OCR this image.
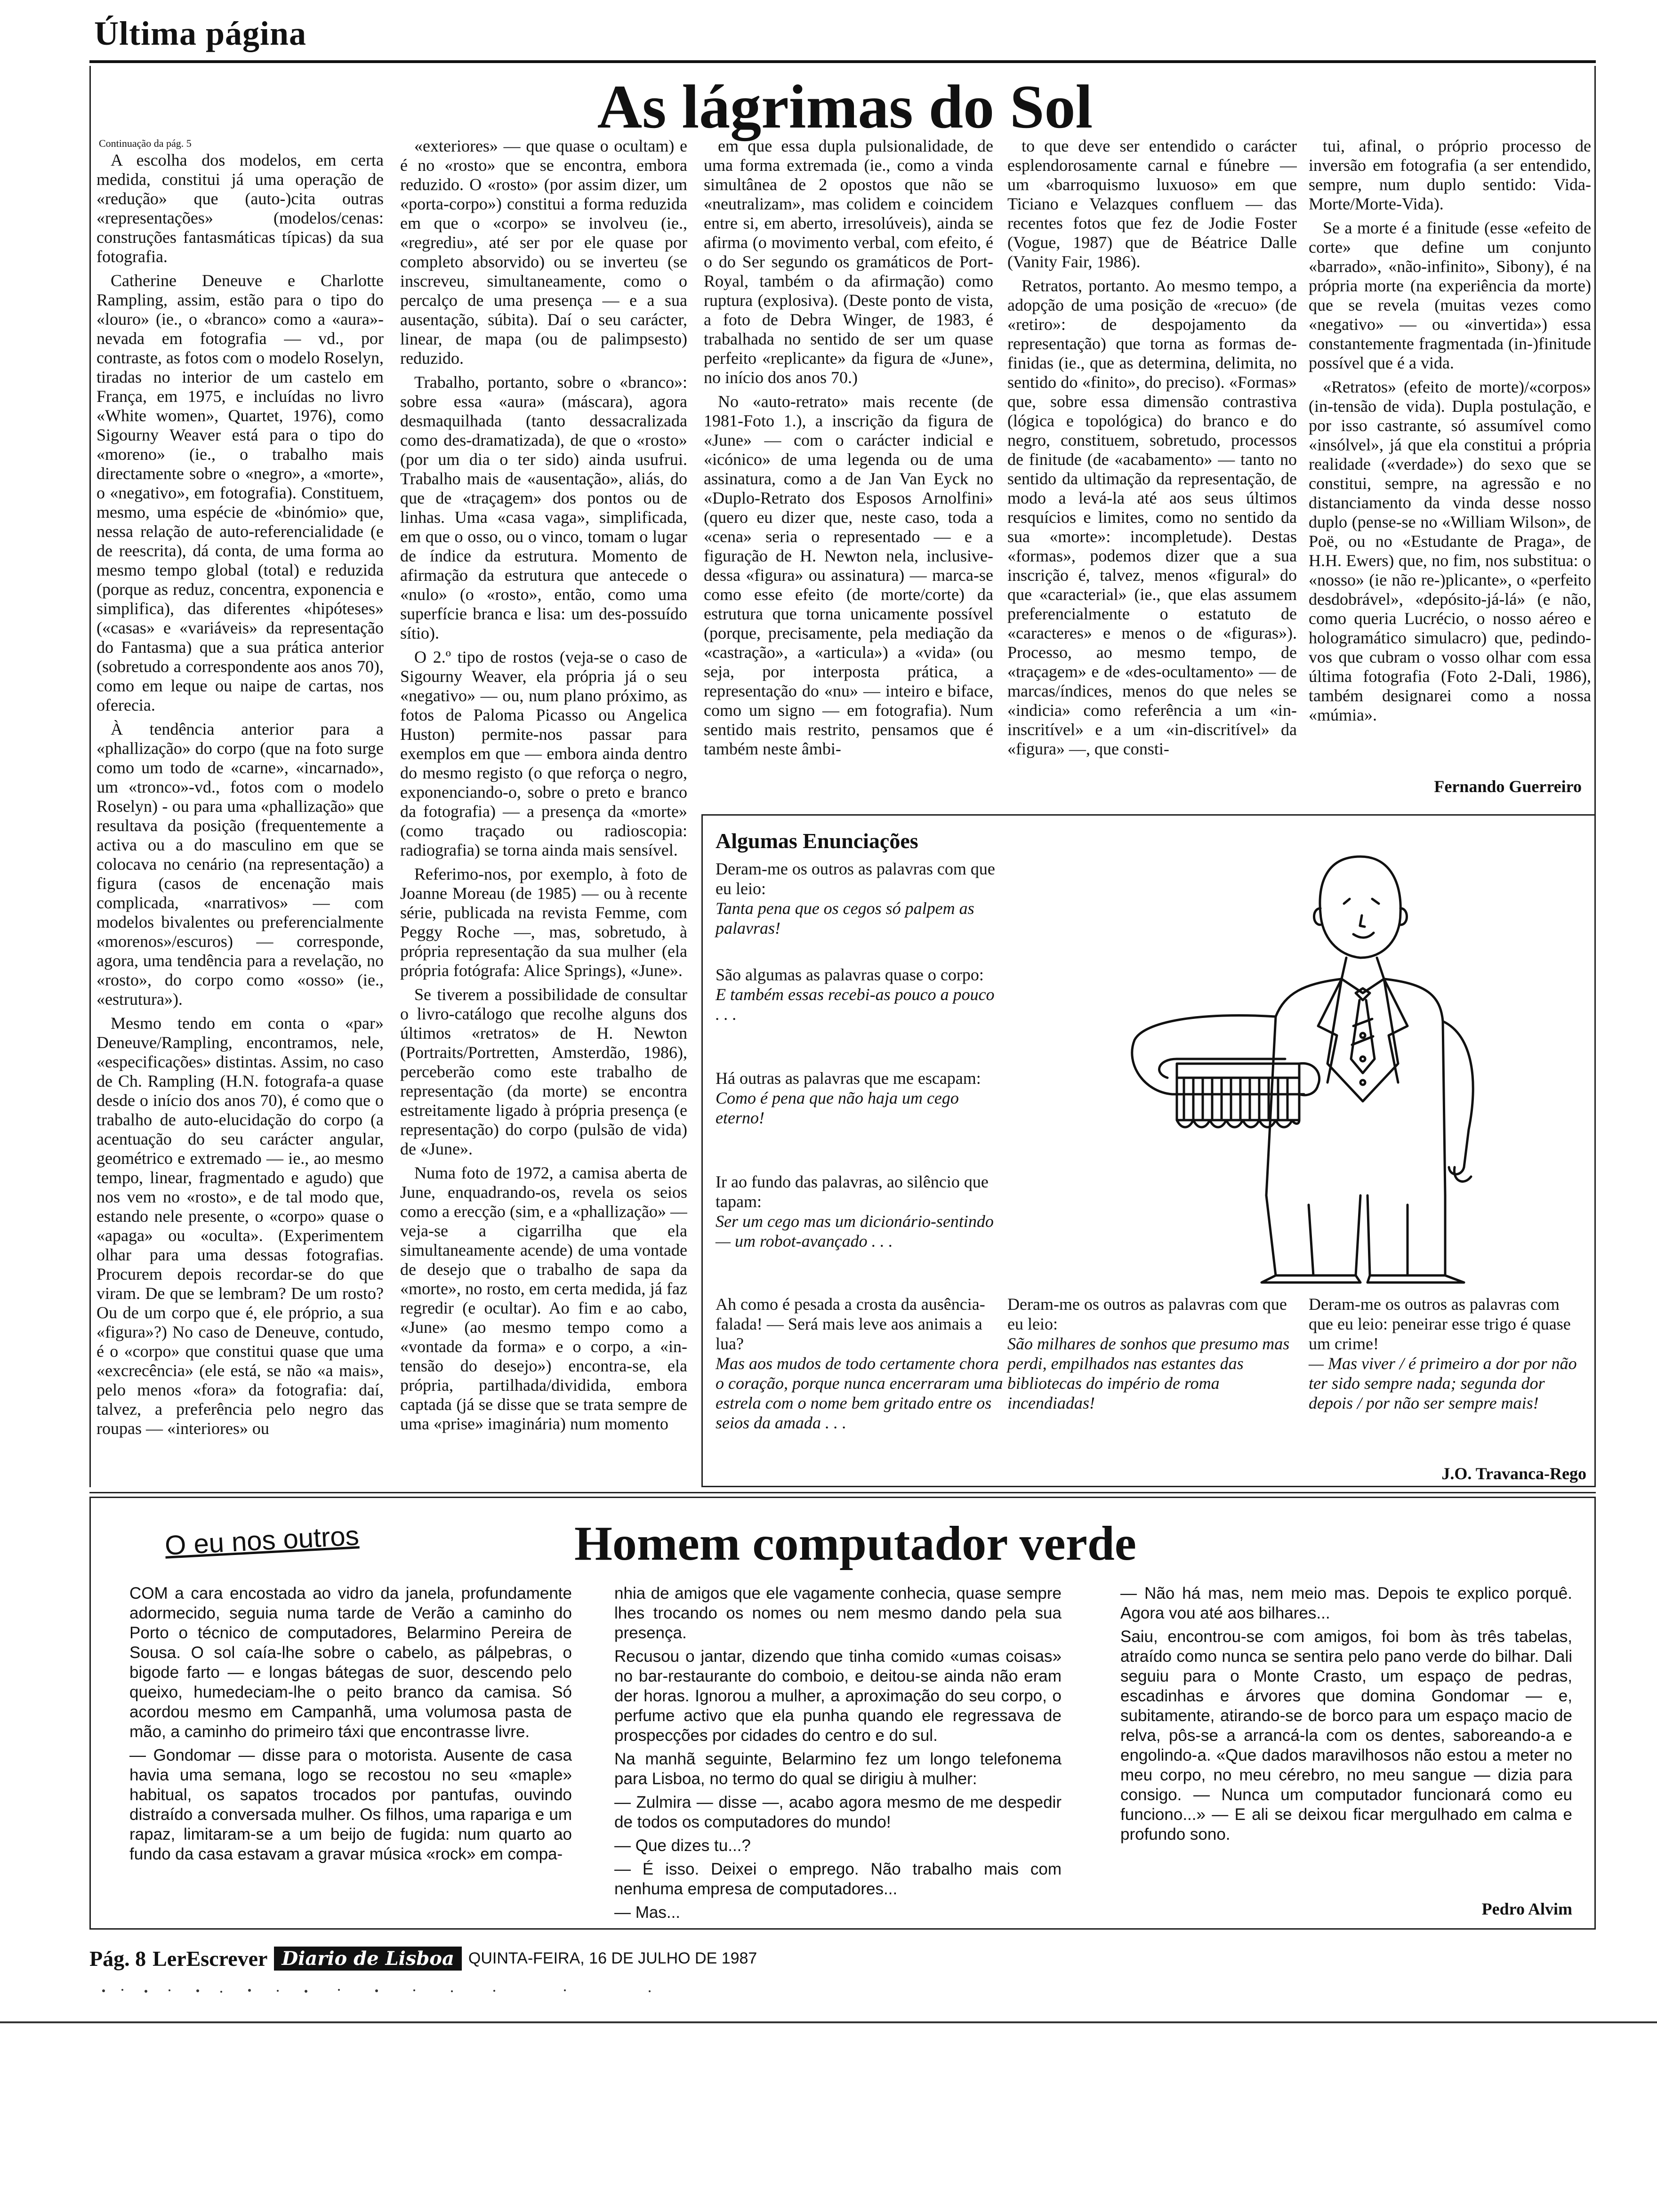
Última página
As lágrimas do Sol
Continuação da pág. 5

A escolha dos modelos, em certa medida, constitui já uma operação de «redução» que (auto-)cita outras «representações» (modelos/cenas: construções fantasmáticas típicas) da sua fotografia.

Catherine Deneuve e Charlotte Rampling, assim, estão para o tipo do «louro» (ie., o «branco» como a «aura»-nevada em fotografia — vd., por contraste, as fotos com o modelo Roselyn, tiradas no interior de um castelo em França, em 1975, e incluídas no livro «White women», Quartet, 1976), como Sigourny Weaver está para o tipo do «moreno» (ie., o trabalho mais directamente sobre o «negro», a «morte», o «negativo», em fotografia). Constituem, mesmo, uma espécie de «binómio» que, nessa relação de auto-referencialidade (e de reescrita), dá conta, de uma forma ao mesmo tempo global (total) e reduzida (porque as reduz, concentra, exponencia e simplifica), das diferentes «hipóteses» («casas» e «variáveis» da representação do Fantasma) que a sua prática anterior (sobretudo a correspondente aos anos 70), como em leque ou naipe de cartas, nos oferecia.

À tendência anterior para a «phallização» do corpo (que na foto surge como um todo de «carne», «incarnado», um «tronco»-vd., fotos com o modelo Roselyn) - ou para uma «phallização» que resultava da posição (frequentemente a activa ou a do masculino em que se colocava no cenário (na representação) a figura (casos de encenação mais complicada, «narrativos» — com modelos bivalentes ou preferencialmente «morenos»/escuros) — corresponde, agora, uma tendência para a revelação, no «rosto», do corpo como «osso» (ie., «estrutura»).

Mesmo tendo em conta o «par» Deneuve/Rampling, encontramos, nele, «especificações» distintas. Assim, no caso de Ch. Rampling (H.N. fotografa-a quase desde o início dos anos 70), é como que o trabalho de auto-elucidação do corpo (a acentuação do seu carácter angular, geométrico e extremado — ie., ao mesmo tempo, linear, fragmentado e agudo) que nos vem no «rosto», e de tal modo que, estando nele presente, o «corpo» quase o «apaga» ou «oculta». (Experimentem olhar para uma dessas fotografias. Procurem depois recordar-se do que viram. De que se lembram? De um rosto? Ou de um corpo que é, ele próprio, a sua «figura»?) No caso de Deneuve, contudo, é o «corpo» que constitui quase que uma «excrecência» (ele está, se não «a mais», pelo menos «fora» da fotografia: daí, talvez, a preferência pelo negro das roupas — «interiores» ou

«exteriores» — que quase o ocultam) e é no «rosto» que se encontra, embora reduzido. O «rosto» (por assim dizer, um «porta-corpo») constitui a forma reduzida em que o «corpo» se involveu (ie., «regrediu», até ser por ele quase por completo absorvido) ou se inverteu (se inscreveu, simultaneamente, como o percalço de uma presença — e a sua ausentação, súbita). Daí o seu carácter, linear, de mapa (ou de palimpsesto) reduzido.

Trabalho, portanto, sobre o «branco»: sobre essa «aura» (máscara), agora desmaquilhada (tanto dessacralizada como des-dramatizada), de que o «rosto» (por um dia o ter sido) ainda usufrui. Trabalho mais de «ausentação», aliás, do que de «traçagem» dos pontos ou de linhas. Uma «casa vaga», simplificada, em que o osso, ou o vinco, tomam o lugar de índice da estrutura. Momento de afirmação da estrutura que antecede o «nulo» (o «rosto», então, como uma superfície branca e lisa: um des-possuído sítio).

O 2.º tipo de rostos (veja-se o caso de Sigourny Weaver, ela própria já o seu «negativo» — ou, num plano próximo, as fotos de Paloma Picasso ou Angelica Huston) permite-nos passar para exemplos em que — embora ainda dentro do mesmo registo (o que reforça o negro, exponenciando-o, sobre o preto e branco da fotografia) — a presença da «morte» (como traçado ou radioscopia: radiografia) se torna ainda mais sensível.

Referimo-nos, por exemplo, à foto de Joanne Moreau (de 1985) — ou à recente série, publicada na revista Femme, com Peggy Roche —, mas, sobretudo, à própria representação da sua mulher (ela própria fotógrafa: Alice Springs), «June».

Se tiverem a possibilidade de consultar o livro-catálogo que recolhe alguns dos últimos «retratos» de H. Newton (Portraits/Portretten, Amsterdão, 1986), perceberão como este trabalho de representação (da morte) se encontra estreitamente ligado à própria presença (e representação) do corpo (pulsão de vida) de «June».

Numa foto de 1972, a camisa aberta de June, enquadrando-os, revela os seios como a erecção (sim, e a «phallização» — veja-se a cigarrilha que ela simultaneamente acende) de uma vontade de desejo que o trabalho de sapa da «morte», no rosto, em certa medida, já faz regredir (e ocultar). Ao fim e ao cabo, «June» (ao mesmo tempo como a «vontade da forma» e o corpo, a «in-tensão do desejo») encontra-se, ela própria, partilhada/dividida, embora captada (já se disse que se trata sempre de uma «prise» imaginária) num momento

em que essa dupla pulsionalidade, de uma forma extremada (ie., como a vinda simultânea de 2 opostos que não se «neutralizam», mas colidem e coincidem entre si, em aberto, irresolúveis), ainda se afirma (o movimento verbal, com efeito, é o do Ser segundo os gramáticos de Port-Royal, também o da afirmação) como ruptura (explosiva). (Deste ponto de vista, a foto de Debra Winger, de 1983, é trabalhada no sentido de ser um quase perfeito «replicante» da figura de «June», no início dos anos 70.)

No «auto-retrato» mais recente (de 1981-Foto 1.), a inscrição da figura de «June» — com o carácter indicial e «icónico» de uma legenda ou de uma assinatura, como a de Jan Van Eyck no «Duplo-Retrato dos Esposos Arnolfini» (quero eu dizer que, neste caso, toda a «cena» seria o representado — e a figuração de H. Newton nela, inclusive-dessa «figura» ou assinatura) — marca-se como esse efeito (de morte/corte) da estrutura que torna unicamente possível (porque, precisamente, pela mediação da «castração», a «articula») a «vida» (ou seja, por interposta prática, a representação do «nu» — inteiro e biface, como um signo — em fotografia). Num sentido mais restrito, pensamos que é também neste âmbi-

to que deve ser entendido o carácter esplendorosamente carnal e fúnebre — um «barroquismo luxuoso» em que Ticiano e Velazques confluem — das recentes fotos que fez de Jodie Foster (Vogue, 1987) que de Béatrice Dalle (Vanity Fair, 1986).

Retratos, portanto. Ao mesmo tempo, a adopção de uma posição de «recuo» (de «retiro»: de despojamento da representação) que torna as formas de-finidas (ie., que as determina, delimita, no sentido do «finito», do preciso). «Formas» que, sobre essa dimensão contrastiva (lógica e topológica) do branco e do negro, constituem, sobretudo, processos de finitude (de «acabamento» — tanto no sentido da ultimação da representação, de modo a levá-la até aos seus últimos resquícios e limites, como no sentido da sua «morte»: incompletude). Destas «formas», podemos dizer que a sua inscrição é, talvez, menos «figural» do que «caracterial» (ie., que elas assumem preferencialmente o estatuto de «caracteres» e menos o de «figuras»). Processo, ao mesmo tempo, de «traçagem» e de «des-ocultamento» — de marcas/índices, menos do que neles se «indicia» como referência a um «in-inscritível» e a um «in-discritível» da «figura» —, que consti-

tui, afinal, o próprio processo de inversão em fotografia (a ser entendido, sempre, num duplo sentido: Vida-Morte/Morte-Vida).

Se a morte é a finitude (esse «efeito de corte» que define um conjunto «barrado», «não-infinito», Sibony), é na própria morte (na experiência da morte) que se revela (muitas vezes como «negativo» — ou «invertida») essa constantemente fragmentada (in-)finitude possível que é a vida.

«Retratos» (efeito de morte)/«corpos» (in-tensão de vida). Dupla postulação, e por isso castrante, só assumível como «insólvel», já que ela constitui a própria realidade («verdade») do sexo que se constitui, sempre, na agressão e no distanciamento da vinda desse nosso duplo (pense-se no «William Wilson», de Poë, ou no «Estudante de Praga», de H.H. Ewers) que, no fim, nos substitua: o «nosso» (ie não re-)plicante», o «perfeito desdobrável», «depósito-já-lá» (e não, como queria Lucrécio, o nosso aéreo e hologramático simulacro) que, pedindo-vos que cubram o vosso olhar com essa última fotografia (Foto 2-Dali, 1986), também designarei como a nossa «múmia».

Fernando Guerreiro
Algumas Enunciações
Deram-me os outros as palavras com que eu leio:
Tanta pena que os cegos só palpem as palavras!
São algumas as palavras quase o corpo:
E também essas recebi-as pouco a pouco . . .
Há outras as palavras que me escapam:
Como é pena que não haja um cego eterno!
Ir ao fundo das palavras, ao silêncio que tapam:
Ser um cego mas um dicionário-sentindo — um robot-avançado . . .
Ah como é pesada a crosta da ausência-falada! — Será mais leve aos animais a lua?
Mas aos mudos de todo certamente chora o coração, porque nunca encerraram uma estrela com o nome bem gritado entre os seios da amada . . .
Deram-me os outros as palavras com que eu leio:
São milhares de sonhos que presumo mas perdi, empilhados nas estantes das bibliotecas do império de roma incendiadas!
Deram-me os outros as palavras com que eu leio: peneirar esse trigo é quase um crime!
— Mas viver / é primeiro a dor por não ter sido sempre nada; segunda dor depois / por não ser sempre mais!
J.O. Travanca-Rego
O eu nos outros	Homem computador verde

COM a cara encostada ao vidro da janela, profundamente adormecido, seguia numa tarde de Verão a caminho do Porto o técnico de computadores, Belarmino Pereira de Sousa. O sol caía-lhe sobre o cabelo, as pálpebras, o bigode farto — e longas bátegas de suor, descendo pelo queixo, humedeciam-lhe o peito branco da camisa. Só acordou mesmo em Campanhã, uma volumosa pasta de mão, a caminho do primeiro táxi que encontrasse livre.

— Gondomar — disse para o motorista. Ausente de casa havia uma semana, logo se recostou no seu «maple» habitual, os sapatos trocados por pantufas, ouvindo distraído a conversada mulher. Os filhos, uma rapariga e um rapaz, limitaram-se a um beijo de fugida: num quarto ao fundo da casa estavam a gravar música «rock» em compa-

nhia de amigos que ele vagamente conhecia, quase sempre lhes trocando os nomes ou nem mesmo dando pela sua presença.

Recusou o jantar, dizendo que tinha comido «umas coisas» no bar-restaurante do comboio, e deitou-se ainda não eram der horas. Ignorou a mulher, a aproximação do seu corpo, o perfume activo que ela punha quando ele regressava de prospecções por cidades do centro e do sul.

Na manhã seguinte, Belarmino fez um longo telefonema para Lisboa, no termo do qual se dirigiu à mulher:

— Zulmira — disse —, acabo agora mesmo de me despedir de todos os computadores do mundo!

— Que dizes tu...?

— É isso. Deixei o emprego. Não trabalho mais com nenhuma empresa de computadores...

— Mas...

— Não há mas, nem meio mas. Depois te explico porquê. Agora vou até aos bilhares...

Saiu, encontrou-se com amigos, foi bom às três tabelas, atraído como nunca se sentira pelo pano verde do bilhar. Dali seguiu para o Monte Crasto, um espaço de pedras, escadinhas e árvores que domina Gondomar — e, subitamente, atirando-se de borco para um espaço macio de relva, pôs-se a arrancá-la com os dentes, saboreando-a e engolindo-a. «Que dados maravilhosos não estou a meter no meu corpo, no meu cérebro, no meu sangue — dizia para consigo. — Nunca um computador funcionará como eu funciono...» — E ali se deixou ficar mergulhado em calma e profundo sono.

Pedro Alvim
Pág. 8 LerEscrever Diario de Lisboa QUINTA-FEIRA, 16 DE JULHO DE 1987
